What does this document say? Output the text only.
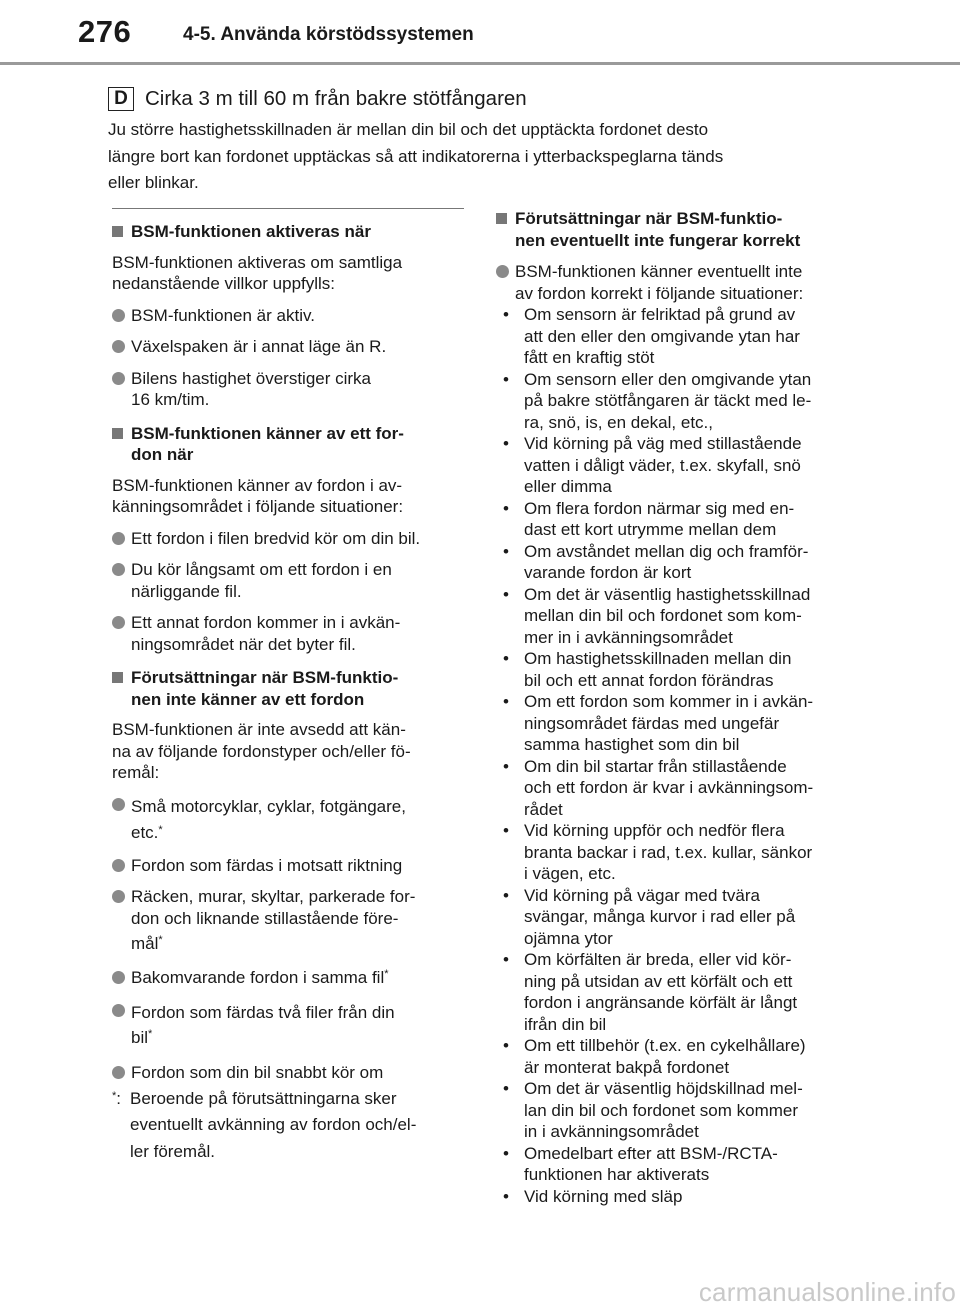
276	4-5. Använda körstödssystemen
D Cirka 3 m till 60 m från bakre stötfångaren
Ju större hastighetsskillnaden är mellan din bil och det upptäckta fordonet desto
längre bort kan fordonet upptäckas så att indikatorerna i ytterbackspeglarna tänds
eller blinkar.
BSM-funktionen aktiveras när
BSM-funktionen aktiveras om samtliga
nedanstående villkor uppfylls:
BSM-funktionen är aktiv.
Växelspaken är i annat läge än R.
Bilens hastighet överstiger cirka
16 km/tim.
BSM-funktionen känner av ett for-
don när
BSM-funktionen känner av fordon i av-
känningsområdet i följande situationer:
Ett fordon i filen bredvid kör om din bil.
Du kör långsamt om ett fordon i en
närliggande fil.
Ett annat fordon kommer in i avkän-
ningsområdet när det byter fil.
Förutsättningar när BSM-funktio-
nen inte känner av ett fordon
BSM-funktionen är inte avsedd att kän-
na av följande fordonstyper och/eller fö-
remål:
Små motorcyklar, cyklar, fotgängare,
etc.*
Fordon som färdas i motsatt riktning
Räcken, murar, skyltar, parkerade for-
don och liknande stillastående före-
mål*
Bakomvarande fordon i samma fil*
Fordon som färdas två filer från din
bil*
Fordon som din bil snabbt kör om
*: Beroende på förutsättningarna sker
eventuellt avkänning av fordon och/el-
ler föremål.
Förutsättningar när BSM-funktio-
nen eventuellt inte fungerar korrekt
BSM-funktionen känner eventuellt inte
av fordon korrekt i följande situationer:
• Om sensorn är felriktad på grund av
att den eller den omgivande ytan har
fått en kraftig stöt
• Om sensorn eller den omgivande ytan
på bakre stötfångaren är täckt med le-
ra, snö, is, en dekal, etc.,
• Vid körning på väg med stillastående
vatten i dåligt väder, t.ex. skyfall, snö
eller dimma
• Om flera fordon närmar sig med en-
dast ett kort utrymme mellan dem
• Om avståndet mellan dig och framför-
varande fordon är kort
• Om det är väsentlig hastighetsskillnad
mellan din bil och fordonet som kom-
mer in i avkänningsområdet
• Om hastighetsskillnaden mellan din
bil och ett annat fordon förändras
• Om ett fordon som kommer in i avkän-
ningsområdet färdas med ungefär
samma hastighet som din bil
• Om din bil startar från stillastående
och ett fordon är kvar i avkänningsom-
rådet
• Vid körning uppför och nedför flera
branta backar i rad, t.ex. kullar, sänkor
i vägen, etc.
• Vid körning på vägar med tvära
svängar, många kurvor i rad eller på
ojämna ytor
• Om körfälten är breda, eller vid kör-
ning på utsidan av ett körfält och ett
fordon i angränsande körfält är långt
ifrån din bil
• Om ett tillbehör (t.ex. en cykelhållare)
är monterat bakpå fordonet
• Om det är väsentlig höjdskillnad mel-
lan din bil och fordonet som kommer
in i avkänningsområdet
• Omedelbart efter att BSM-/RCTA-
funktionen har aktiverats
• Vid körning med släp
carmanualsonline.info
